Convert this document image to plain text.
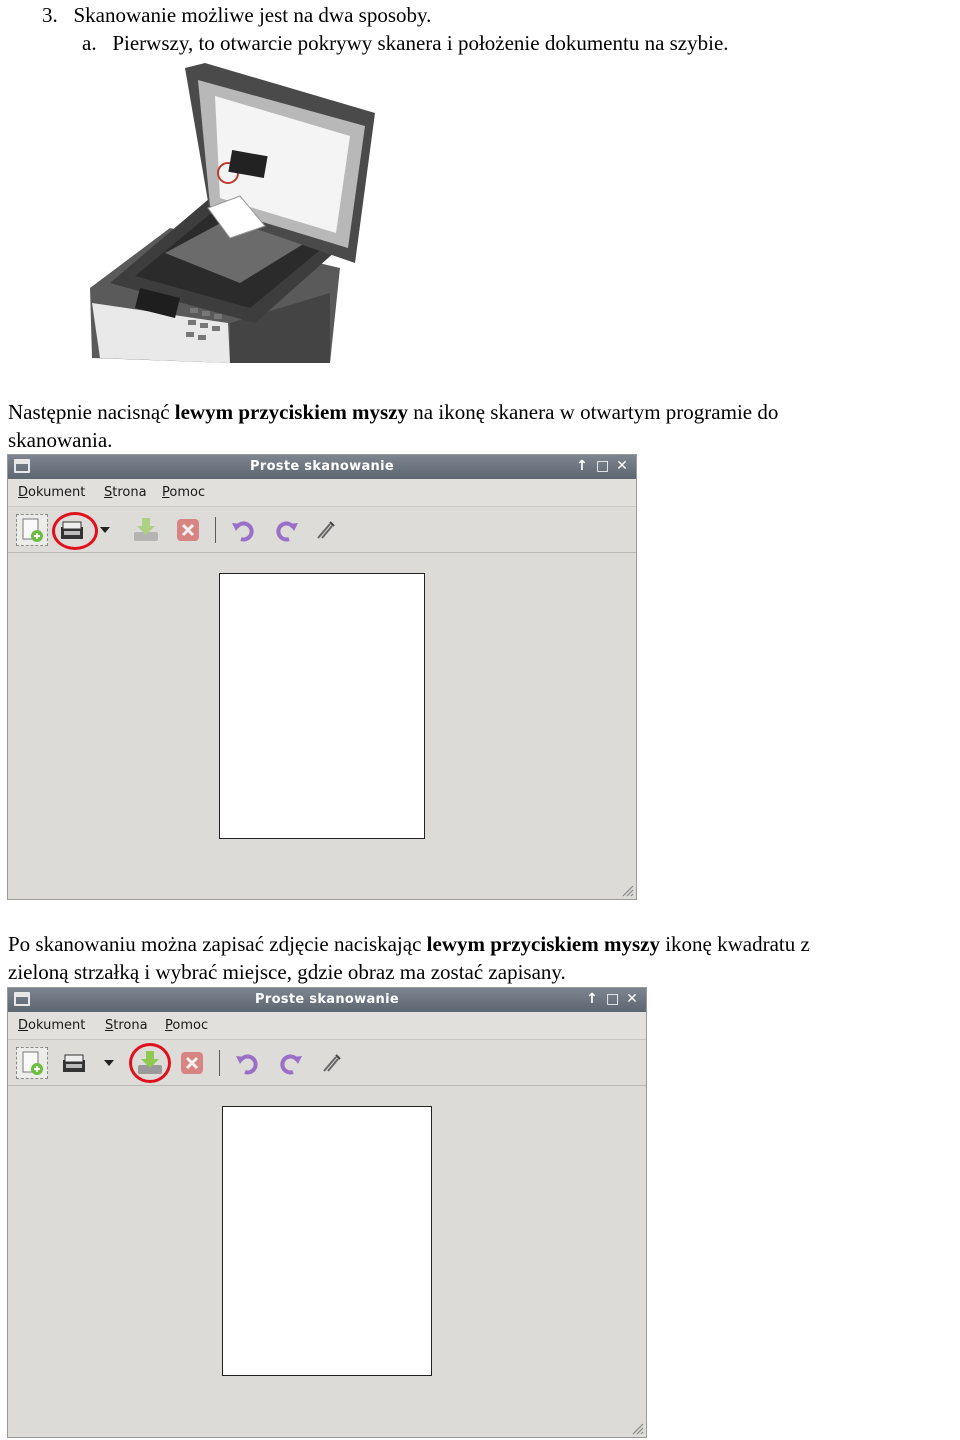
3. Skanowanie możliwe jest na dwa sposoby.
a. Pierwszy, to otwarcie pokrywy skanera i położenie dokumentu na szybie.
Następnie nacisnąć lewym przyciskiem myszy na ikonę skanera w otwartym programie do
skanowania.
Proste skanowanie	↑ □ ✕
Dokument Strona Pomoc
Po skanowaniu można zapisać zdjęcie naciskając lewym przyciskiem myszy ikonę kwadratu z
zieloną strzałką i wybrać miejsce, gdzie obraz ma zostać zapisany.
Proste skanowanie	↑ □ ✕
Dokument Strona Pomoc
